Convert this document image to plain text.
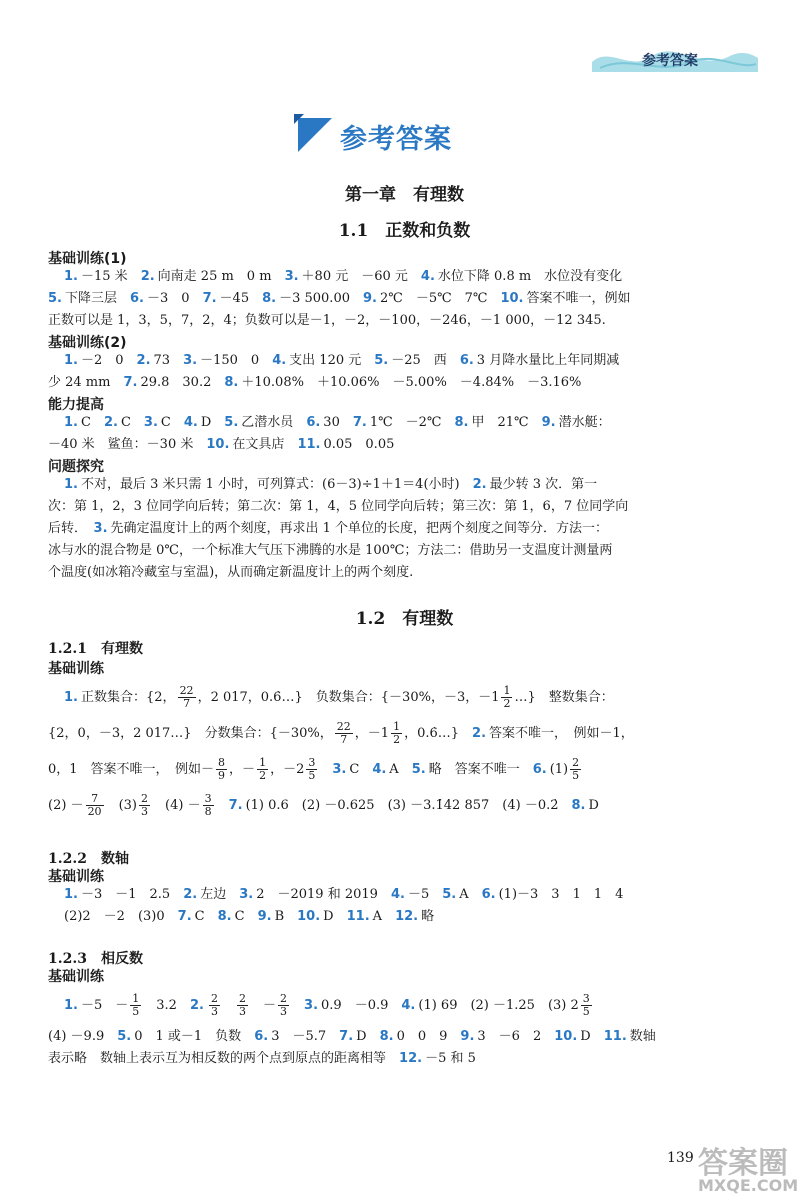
参考答案
参考答案
第一章　有理数
1.1　正数和负数
基础训练(1)
1. －15 米　 2. 向南走 25 m　0 m　 3. ＋80 元　－60 元　 4. 水位下降 0.8 m　水位没有变化
5. 下降三层　 6. －3　0　 7. －45　 8. －3 500.00　 9. 2℃　－5℃　7℃　 10. 答案不唯一，例如
正数可以是 1，3，5，7，2，4；负数可以是－1，－2，－100，－246，－1 000，－12 345.
基础训练(2)
1. －2　0　 2. 73　 3. －150　0　 4. 支出 120 元　 5. －25　西　 6. 3 月降水量比上年同期减
少 24 mm　 7. 29.8　30.2　 8. ＋10.08%　＋10.06%　－5.00%　－4.84%　－3.16%
能力提高
1. C　 2. C　 3. C　 4. D　 5. 乙潜水员　 6. 30　 7. 1℃　－2℃　 8. 甲　21℃　 9. 潜水艇：
－40 米　鲨鱼：－30 米　 10. 在文具店　 11. 0.05　0.05
问题探究
1. 不对，最后 3 米只需 1 小时，可列算式：(6－3)÷1＋1＝4(小时)　 2. 最少转 3 次．第一
次：第 1，2，3 位同学向后转；第二次：第 1，4，5 位同学向后转；第三次：第 1，6，7 位同学向
后转．　 3. 先确定温度计上的两个刻度，再求出 1 个单位的长度，把两个刻度之间等分．方法一：
冰与水的混合物是 0℃，一个标准大气压下沸腾的水是 100℃；方法二：借助另一支温度计测量两
个温度(如冰箱冷藏室与室温)，从而确定新温度计上的两个刻度.
1.2　有理数
1.2.1　有理数
基础训练
1. 正数集合：{2， $\frac{22}{7}$ ，2 017，0.6̇…}　负数集合：{－30%，－3，$-1 \frac{1}{2}$ …}　整数集合：
{2，0，－3，2 017…}　 分数集合：{－30%， $\frac{22}{7}$ ，$-1 \frac{1}{2}$ ，0.6̇…}　2. 答案不唯一，　例如－1，
0，1　答案不唯一，　例如－ $\frac{8}{9}$ ，－ $\frac{1}{2}$ ，$-2 \frac{3}{5}$
　 3. C　 4. A　 5. 略　答案不唯一　 6. $(1) \frac{2}{5}$
$(2) - \frac{7}{20}$
　 $(3) \frac{2}{3}$
　 $(4) - \frac{3}{8}$
　 7. (1) 0.6　(2) －0.625　(3) －3.1̇42 857̇　(4) －0.2̇　 8. D
1.2.2　数轴
基础训练
1. －3　－1　2.5　 2. 左边　 3. 2　－2019 和 2019　 4. －5　 5. A　 6. (1)－3　3　1　1　4
(2)2　－2　(3)0　 7. C　 8. C　 9. B　 10. D　 11. A　 12. 略
1.2.3　相反数
基础训练
1. －5　－ $\frac{1}{5}$
　 3.2　 2. $\frac{2}{3}$
　 $\frac{2}{3}$
　 － $\frac{2}{3}$
　 3. 0.9　－0.9　 4. (1) 69　(2) －1.25　(3) $2 \frac{3}{5}$
(4) －9.9　 5. 0　1 或－1　负数　 6. 3　－5.7　 7. D　 8. 0　0　9　 9. 3　－6　2　 10. D　 11. 数轴
表示略　数轴上表示互为相反数的两个点到原点的距离相等　 12. －5 和 5
139 答案圈
MXQE.COM
